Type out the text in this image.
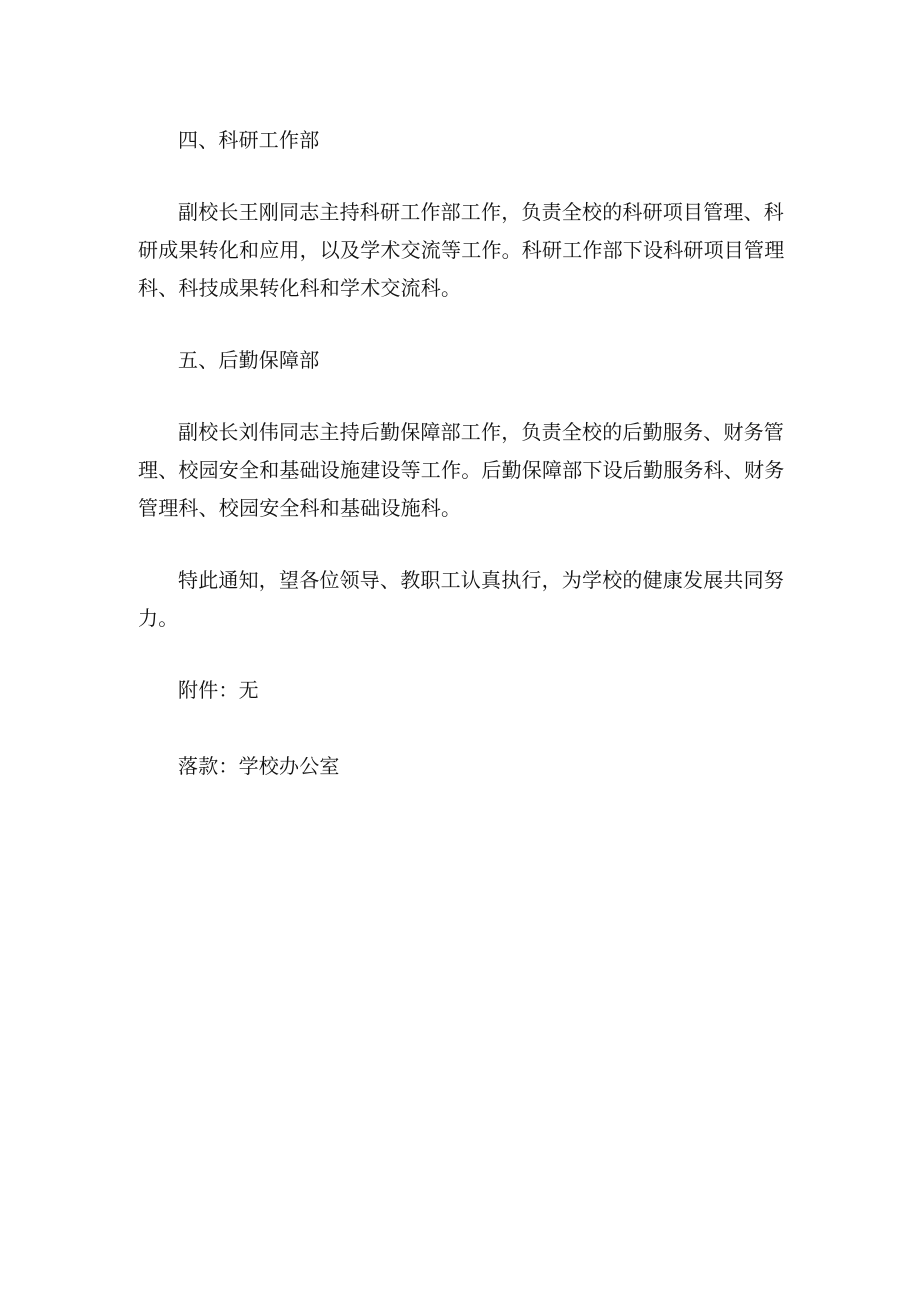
四、科研工作部

副校长王刚同志主持科研工作部工作，负责全校的科研项目管理、科研成果转化和应用，以及学术交流等工作。科研工作部下设科研项目管理科、科技成果转化科和学术交流科。

五、后勤保障部

副校长刘伟同志主持后勤保障部工作，负责全校的后勤服务、财务管理、校园安全和基础设施建设等工作。后勤保障部下设后勤服务科、财务管理科、校园安全科和基础设施科。

特此通知，望各位领导、教职工认真执行，为学校的健康发展共同努力。

附件：无

落款：学校办公室
